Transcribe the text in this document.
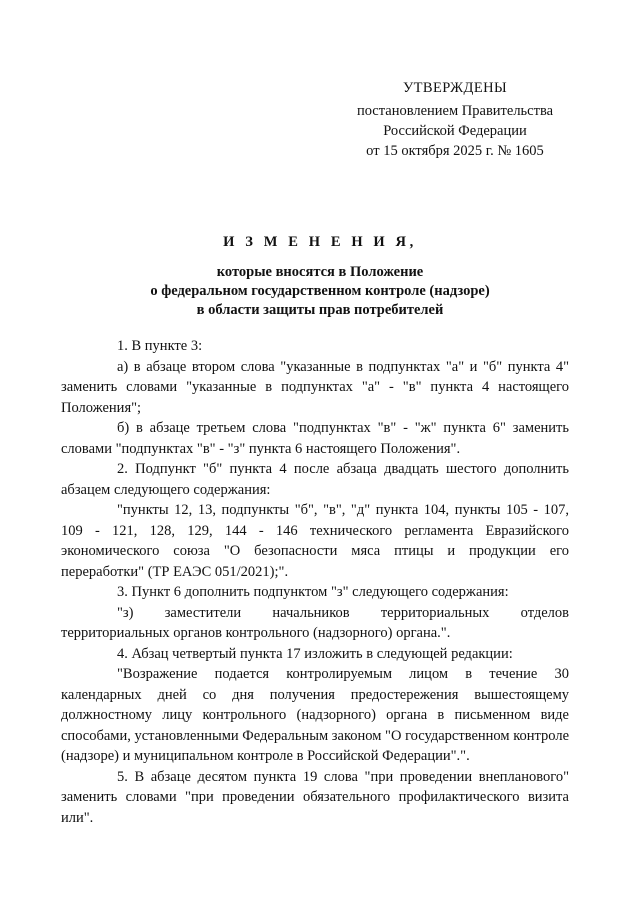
УТВЕРЖДЕНЫ
постановлением Правительства
Российской Федерации
от 15 октября 2025 г. № 1605
И З М Е Н Е Н И Я,
которые вносятся в Положение
о федеральном государственном контроле (надзоре)
в области защиты прав потребителей

1. В пункте 3:

а) в абзаце втором слова "указанные в подпунктах "а" и "б" пункта 4" заменить словами "указанные в подпунктах "а" - "в" пункта 4 настоящего Положения";

б) в абзаце третьем слова "подпунктах "в" - "ж" пункта 6" заменить словами "подпунктах "в" - "з" пункта 6 настоящего Положения".

2. Подпункт "б" пункта 4 после абзаца двадцать шестого дополнить абзацем следующего содержания:

"пункты 12, 13, подпункты "б", "в", "д" пункта 104, пункты 105 - 107, 109 - 121, 128, 129, 144 - 146 технического регламента Евразийского экономического союза "О безопасности мяса птицы и продукции его переработки" (ТР ЕАЭС 051/2021);".

3. Пункт 6 дополнить подпунктом "з" следующего содержания:

"з) заместители начальников территориальных отделов территориальных органов контрольного (надзорного) органа.".

4. Абзац четвертый пункта 17 изложить в следующей редакции:

"Возражение подается контролируемым лицом в течение 30 календарных дней со дня получения предостережения вышестоящему должностному лицу контрольного (надзорного) органа в письменном виде способами, установленными Федеральным законом "О государственном контроле (надзоре) и муниципальном контроле в Российской Федерации".".

5. В абзаце десятом пункта 19 слова "при проведении внепланового" заменить словами "при проведении обязательного профилактического визита или".
